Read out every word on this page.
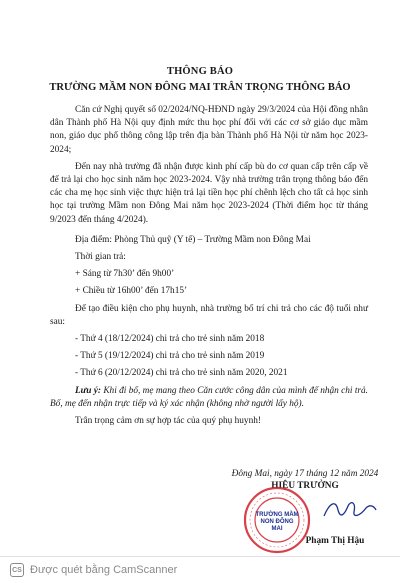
THÔNG BÁO
TRƯỜNG MẦM NON ĐÔNG MAI TRÂN TRỌNG THÔNG BÁO

Căn cứ Nghị quyết số 02/2024/NQ-HĐND ngày 29/3/2024 của Hội đồng nhân dân Thành phố Hà Nội quy định mức thu học phí đối với các cơ sở giáo dục mầm non, giáo dục phổ thông công lập trên địa bàn Thành phố Hà Nội từ năm học 2023-2024;

Đến nay nhà trường đã nhận được kinh phí cấp bù do cơ quan cấp trên cấp về để trả lại cho học sinh năm học 2023-2024. Vậy nhà trường trân trọng thông báo đến các cha mẹ học sinh việc thực hiện trả lại tiền học phí chênh lệch cho tất cả học sinh học tại trường Mầm non Đông Mai năm học 2023-2024 (Thời điểm học từ tháng 9/2023 đến tháng 4/2024).

Địa điểm: Phòng Thủ quỹ (Y tế) – Trường Mầm non Đông Mai

Thời gian trả:

+ Sáng từ 7h30’ đến 9h00’

+ Chiều từ 16h00’ đến 17h15’

Để tạo điều kiện cho phụ huynh, nhà trường bố trí chi trả cho các độ tuổi như sau:

- Thứ 4 (18/12/2024) chi trả cho trẻ sinh năm 2018

- Thứ 5 (19/12/2024) chi trả cho trẻ sinh năm 2019

- Thứ 6 (20/12/2024) chi trả cho trẻ sinh năm 2020, 2021

Lưu ý: Khi đi bố, mẹ mang theo Căn cước công dân của mình để nhận chi trả. Bố, mẹ đến nhận trực tiếp và ký xác nhận (không nhờ người lấy hộ).

Trân trọng cảm ơn sự hợp tác của quý phụ huynh!

Đông Mai, ngày 17 tháng 12 năm 2024
HIỆU TRƯỞNG
TRƯỜNG MẦM NON ĐÔNG MAI
Phạm Thị Hậu
CS Được quét bằng CamScanner
